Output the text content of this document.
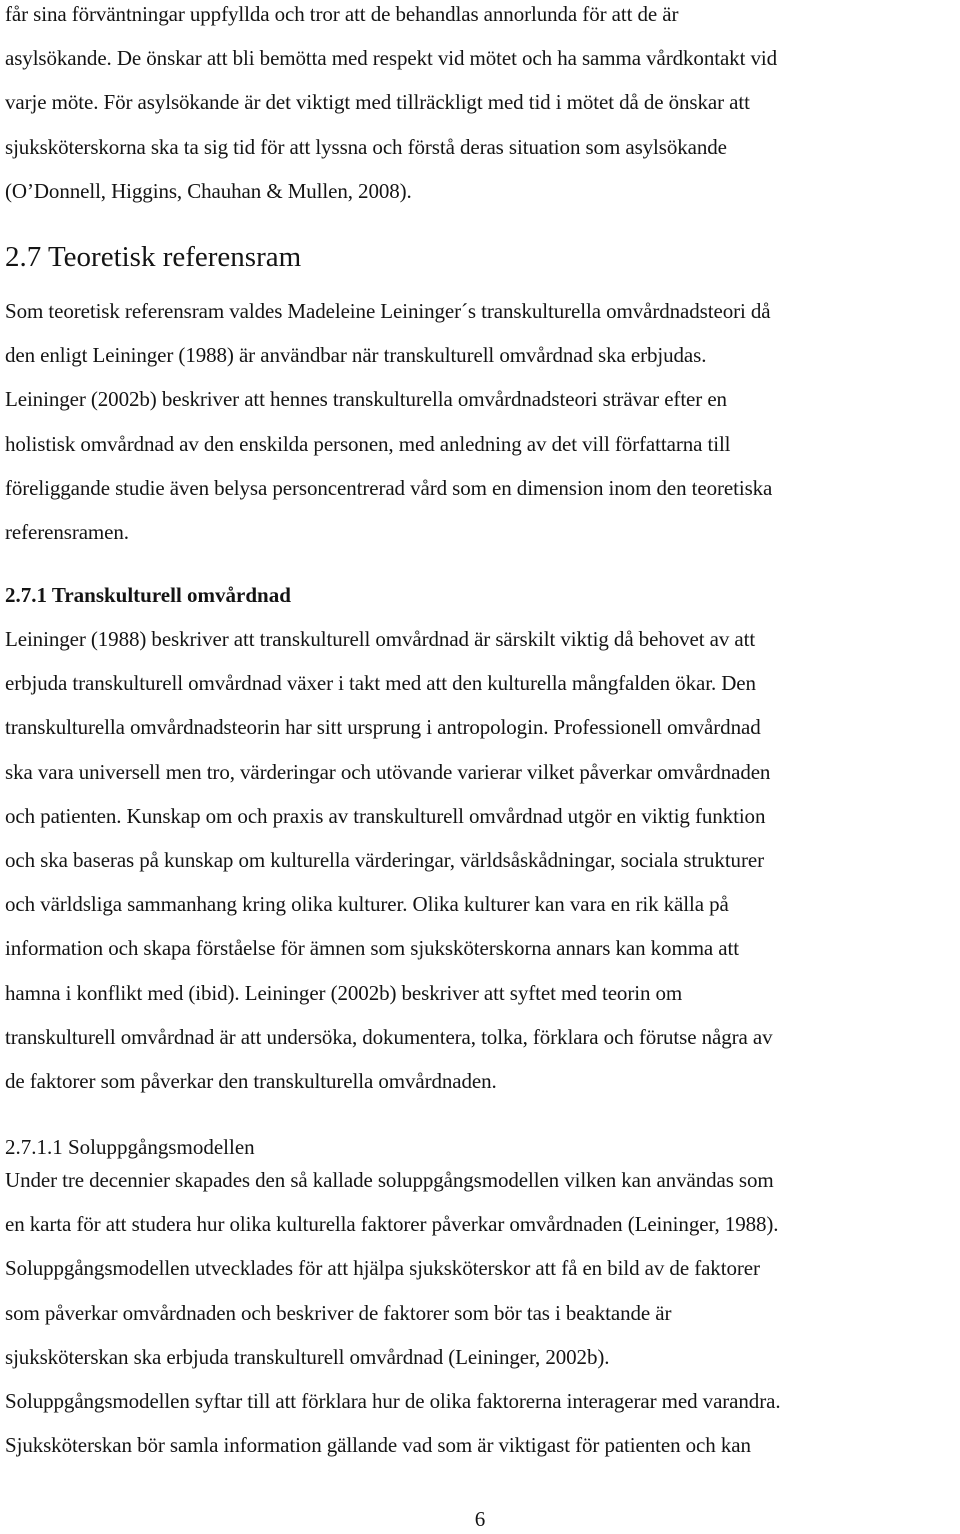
får sina förväntningar uppfyllda och tror att de behandlas annorlunda för att de är
asylsökande. De önskar att bli bemötta med respekt vid mötet och ha samma vårdkontakt vid
varje möte. För asylsökande är det viktigt med tillräckligt med tid i mötet då de önskar att
sjuksköterskorna ska ta sig tid för att lyssna och förstå deras situation som asylsökande
(O’Donnell, Higgins, Chauhan & Mullen, 2008).
2.7 Teoretisk referensram
Som teoretisk referensram valdes Madeleine Leininger´s transkulturella omvårdnadsteori då
den enligt Leininger (1988) är användbar när transkulturell omvårdnad ska erbjudas.
Leininger (2002b) beskriver att hennes transkulturella omvårdnadsteori strävar efter en
holistisk omvårdnad av den enskilda personen, med anledning av det vill författarna till
föreliggande studie även belysa personcentrerad vård som en dimension inom den teoretiska
referensramen.
2.7.1 Transkulturell omvårdnad
Leininger (1988) beskriver att transkulturell omvårdnad är särskilt viktig då behovet av att
erbjuda transkulturell omvårdnad växer i takt med att den kulturella mångfalden ökar. Den
transkulturella omvårdnadsteorin har sitt ursprung i antropologin. Professionell omvårdnad
ska vara universell men tro, värderingar och utövande varierar vilket påverkar omvårdnaden
och patienten. Kunskap om och praxis av transkulturell omvårdnad utgör en viktig funktion
och ska baseras på kunskap om kulturella värderingar, världsåskådningar, sociala strukturer
och världsliga sammanhang kring olika kulturer. Olika kulturer kan vara en rik källa på
information och skapa förståelse för ämnen som sjuksköterskorna annars kan komma att
hamna i konflikt med (ibid). Leininger (2002b) beskriver att syftet med teorin om
transkulturell omvårdnad är att undersöka, dokumentera, tolka, förklara och förutse några av
de faktorer som påverkar den transkulturella omvårdnaden.
2.7.1.1 Soluppgångsmodellen
Under tre decennier skapades den så kallade soluppgångsmodellen vilken kan användas som
en karta för att studera hur olika kulturella faktorer påverkar omvårdnaden (Leininger, 1988).
Soluppgångsmodellen utvecklades för att hjälpa sjuksköterskor att få en bild av de faktorer
som påverkar omvårdnaden och beskriver de faktorer som bör tas i beaktande är
sjuksköterskan ska erbjuda transkulturell omvårdnad (Leininger, 2002b).
Soluppgångsmodellen syftar till att förklara hur de olika faktorerna interagerar med varandra.
Sjuksköterskan bör samla information gällande vad som är viktigast för patienten och kan
6
